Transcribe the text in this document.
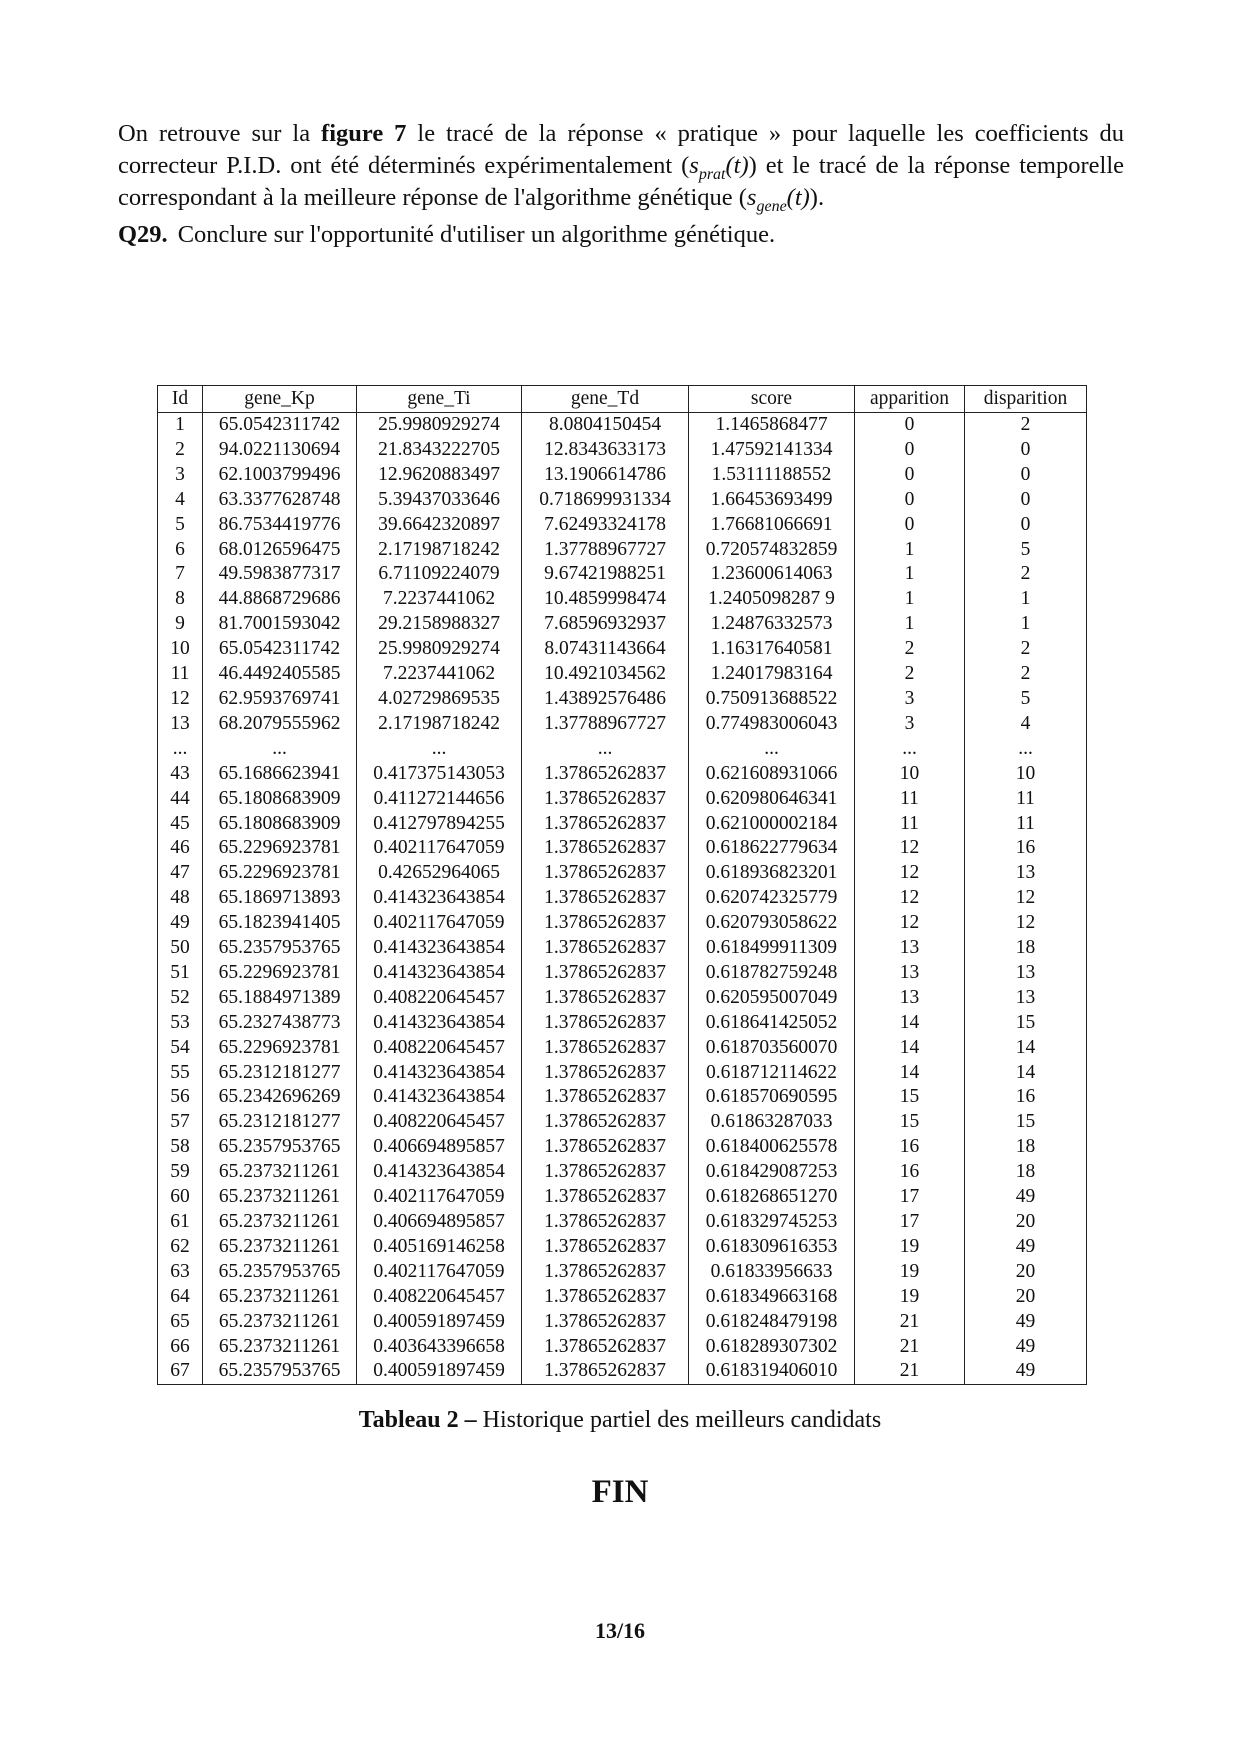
On retrouve sur la figure 7 le tracé de la réponse « pratique » pour laquelle les coefficients du correcteur P.I.D. ont été déterminés expérimentalement $(s_{prat}(t))$ et le tracé de la réponse temporelle correspondant à la meilleure réponse de l'algorithme génétique $(s_{gene}(t))$.

Q29. Conclure sur l'opportunité d'utiliser un algorithme génétique.
Id	gene_Kp	gene_Ti	gene_Td	score	apparition	disparition
1	65.0542311742	25.9980929274	8.0804150454	1.1465868477	0	2
2	94.0221130694	21.8343222705	12.8343633173	1.47592141334	0	0
3	62.1003799496	12.9620883497	13.1906614786	1.53111188552	0	0
4	63.3377628748	5.39437033646	0.718699931334	1.66453693499	0	0
5	86.7534419776	39.6642320897	7.62493324178	1.76681066691	0	0
6	68.0126596475	2.17198718242	1.37788967727	0.720574832859	1	5
7	49.5983877317	6.71109224079	9.67421988251	1.23600614063	1	2
8	44.8868729686	7.2237441062	10.4859998474	1.2405098287 9	1	1
9	81.7001593042	29.2158988327	7.68596932937	1.24876332573	1	1
10	65.0542311742	25.9980929274	8.07431143664	1.16317640581	2	2
11	46.4492405585	7.2237441062	10.4921034562	1.24017983164	2	2
12	62.9593769741	4.02729869535	1.43892576486	0.750913688522	3	5
13	68.2079555962	2.17198718242	1.37788967727	0.774983006043	3	4
...	...	...	...	...	...	...
43	65.1686623941	0.417375143053	1.37865262837	0.621608931066	10	10
44	65.1808683909	0.411272144656	1.37865262837	0.620980646341	11	11
45	65.1808683909	0.412797894255	1.37865262837	0.621000002184	11	11
46	65.2296923781	0.402117647059	1.37865262837	0.618622779634	12	16
47	65.2296923781	0.42652964065	1.37865262837	0.618936823201	12	13
48	65.1869713893	0.414323643854	1.37865262837	0.620742325779	12	12
49	65.1823941405	0.402117647059	1.37865262837	0.620793058622	12	12
50	65.2357953765	0.414323643854	1.37865262837	0.618499911309	13	18
51	65.2296923781	0.414323643854	1.37865262837	0.618782759248	13	13
52	65.1884971389	0.408220645457	1.37865262837	0.620595007049	13	13
53	65.2327438773	0.414323643854	1.37865262837	0.618641425052	14	15
54	65.2296923781	0.408220645457	1.37865262837	0.618703560070	14	14
55	65.2312181277	0.414323643854	1.37865262837	0.618712114622	14	14
56	65.2342696269	0.414323643854	1.37865262837	0.618570690595	15	16
57	65.2312181277	0.408220645457	1.37865262837	0.61863287033	15	15
58	65.2357953765	0.406694895857	1.37865262837	0.618400625578	16	18
59	65.2373211261	0.414323643854	1.37865262837	0.618429087253	16	18
60	65.2373211261	0.402117647059	1.37865262837	0.618268651270	17	49
61	65.2373211261	0.406694895857	1.37865262837	0.618329745253	17	20
62	65.2373211261	0.405169146258	1.37865262837	0.618309616353	19	49
63	65.2357953765	0.402117647059	1.37865262837	0.61833956633	19	20
64	65.2373211261	0.408220645457	1.37865262837	0.618349663168	19	20
65	65.2373211261	0.400591897459	1.37865262837	0.618248479198	21	49
66	65.2373211261	0.403643396658	1.37865262837	0.618289307302	21	49
67	65.2357953765	0.400591897459	1.37865262837	0.618319406010	21	49
Tableau 2 – Historique partiel des meilleurs candidats
FIN
13/16
